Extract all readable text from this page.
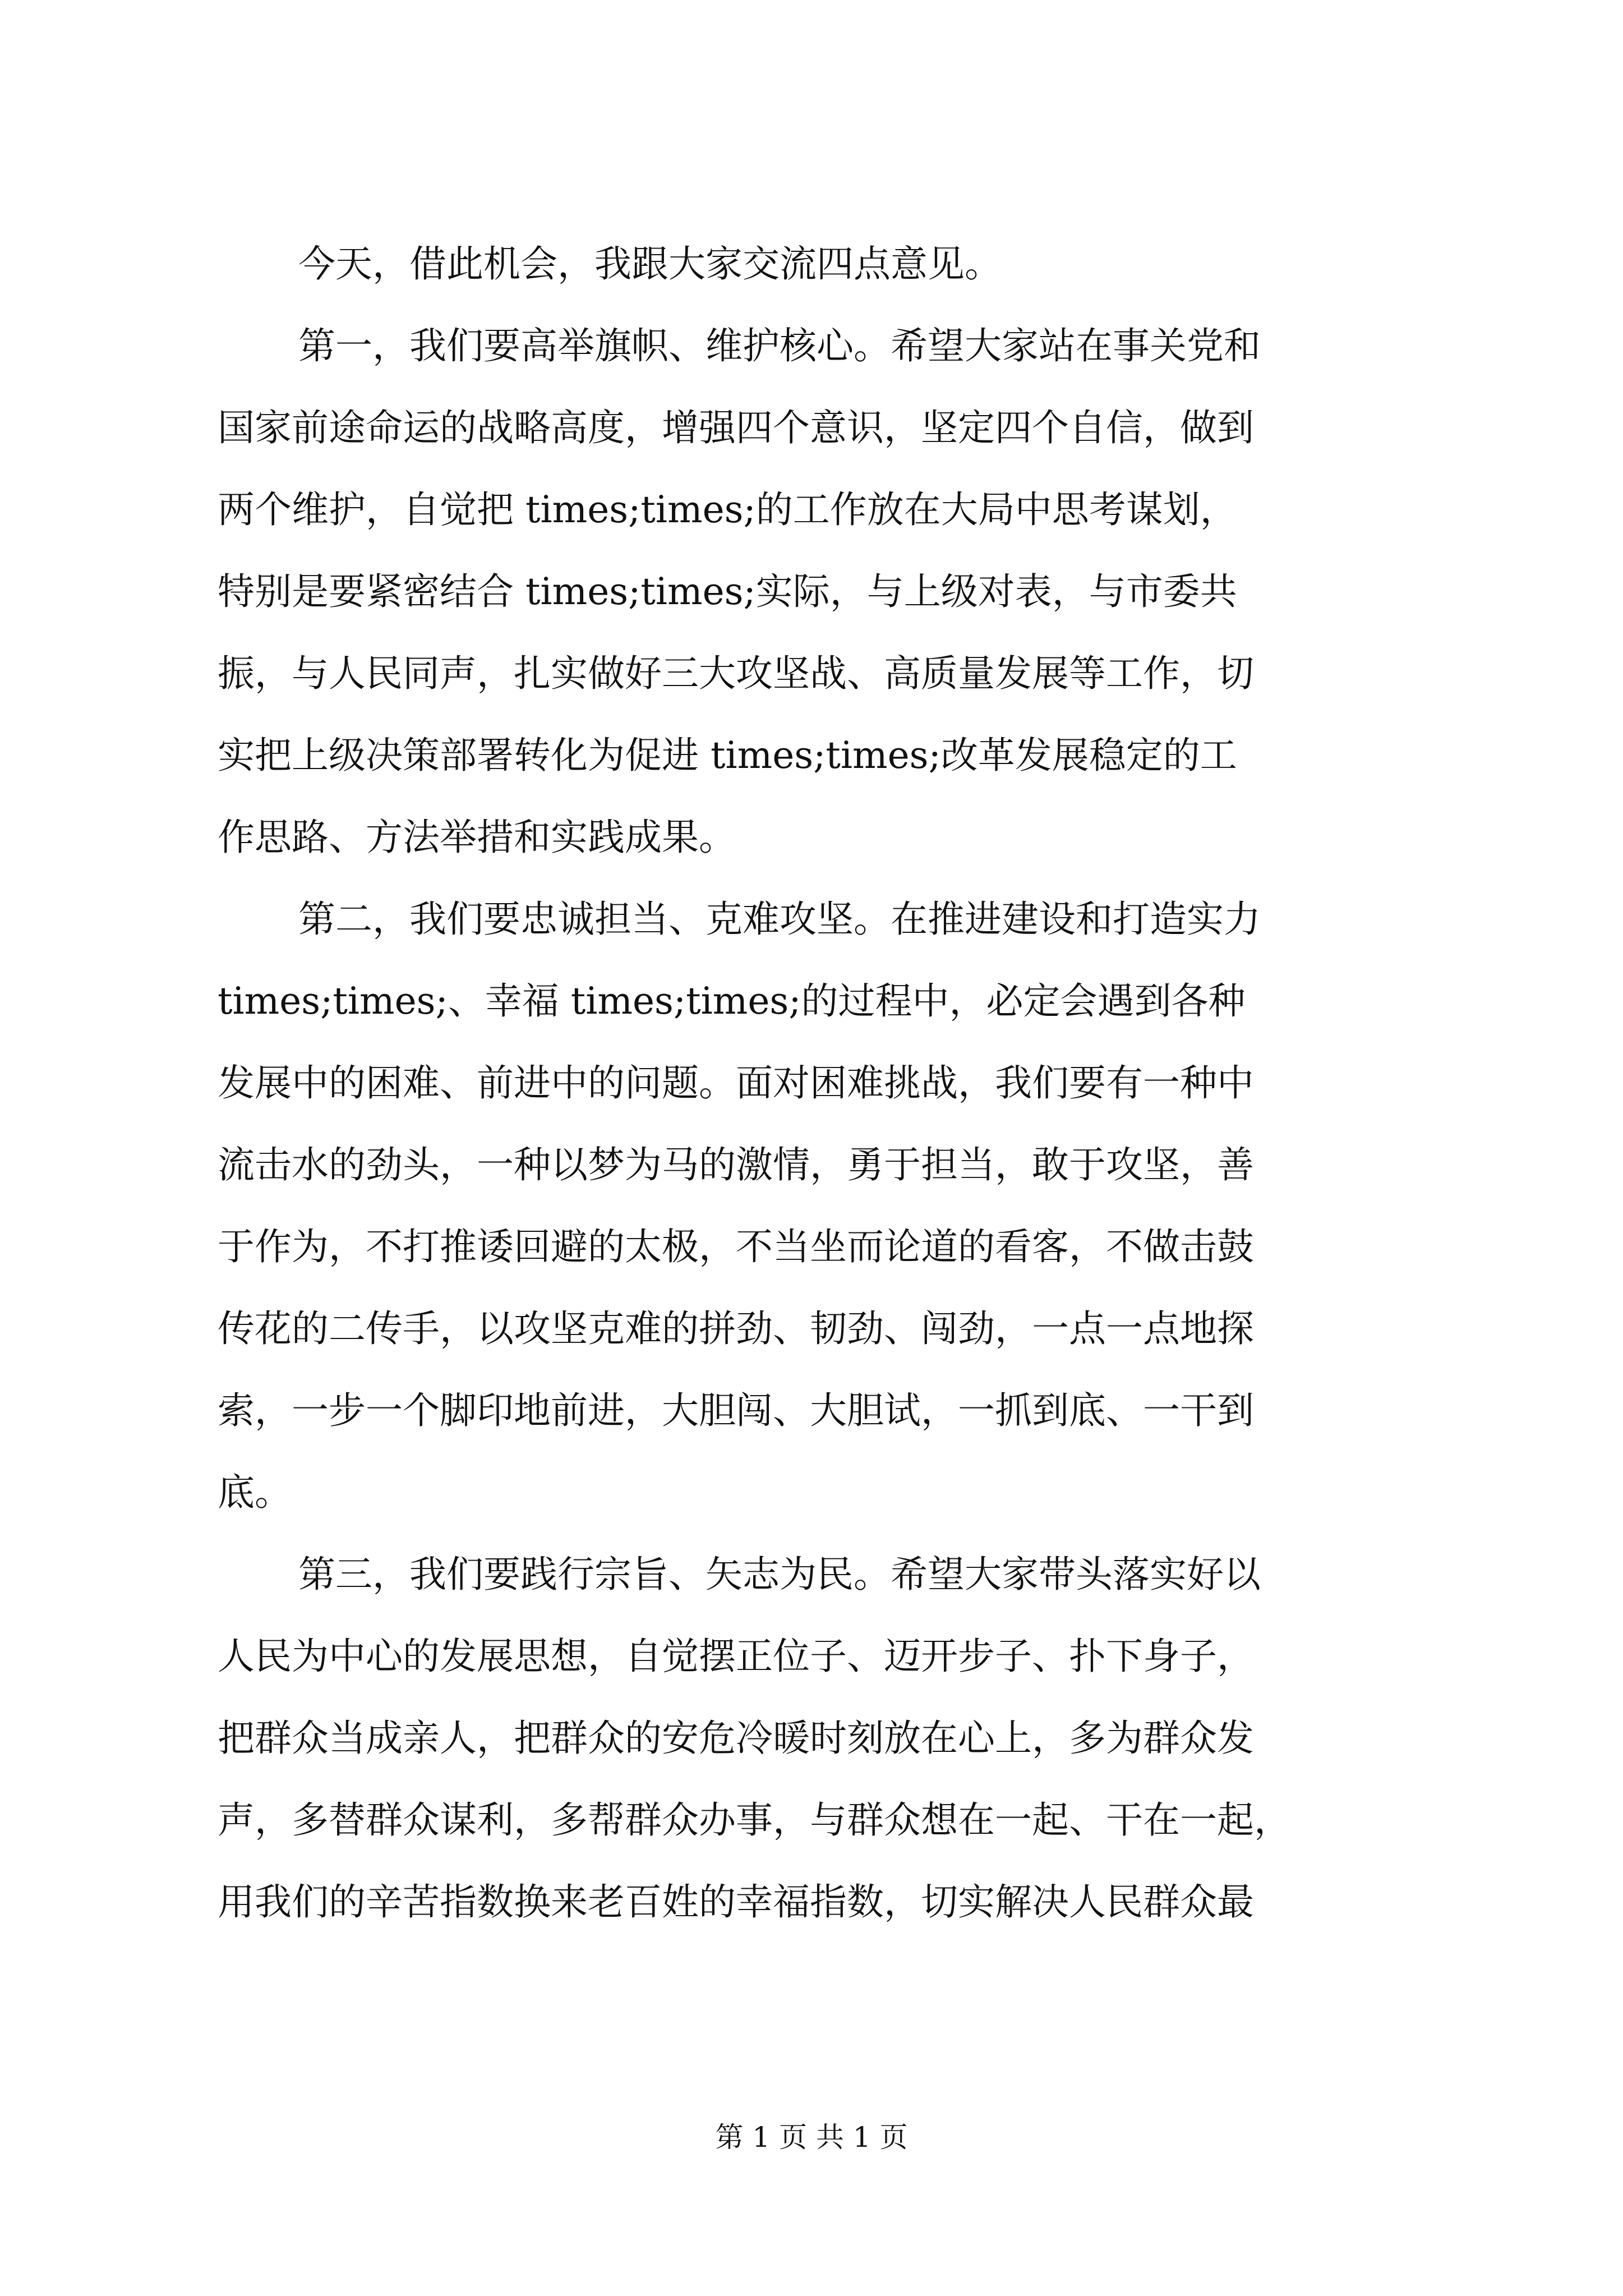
今天，借此机会，我跟大家交流四点意见。
第一，我们要高举旗帜、维护核心。希望大家站在事关党和
国家前途命运的战略高度，增强四个意识，坚定四个自信，做到
两个维护，自觉把 times;times;的工作放在大局中思考谋划，
特别是要紧密结合 times;times;实际，与上级对表，与市委共
振，与人民同声，扎实做好三大攻坚战、高质量发展等工作，切
实把上级决策部署转化为促进 times;times;改革发展稳定的工
作思路、方法举措和实践成果。
第二，我们要忠诚担当、克难攻坚。在推进建设和打造实力
times;times;、幸福 times;times;的过程中，必定会遇到各种
发展中的困难、前进中的问题。面对困难挑战，我们要有一种中
流击水的劲头，一种以梦为马的激情，勇于担当，敢于攻坚，善
于作为，不打推诿回避的太极，不当坐而论道的看客，不做击鼓
传花的二传手，以攻坚克难的拼劲、韧劲、闯劲，一点一点地探
索，一步一个脚印地前进，大胆闯、大胆试，一抓到底、一干到
底。
第三，我们要践行宗旨、矢志为民。希望大家带头落实好以
人民为中心的发展思想，自觉摆正位子、迈开步子、扑下身子，
把群众当成亲人，把群众的安危冷暖时刻放在心上，多为群众发
声，多替群众谋利，多帮群众办事，与群众想在一起、干在一起，
用我们的辛苦指数换来老百姓的幸福指数，切实解决人民群众最
第 1 页 共 1 页
